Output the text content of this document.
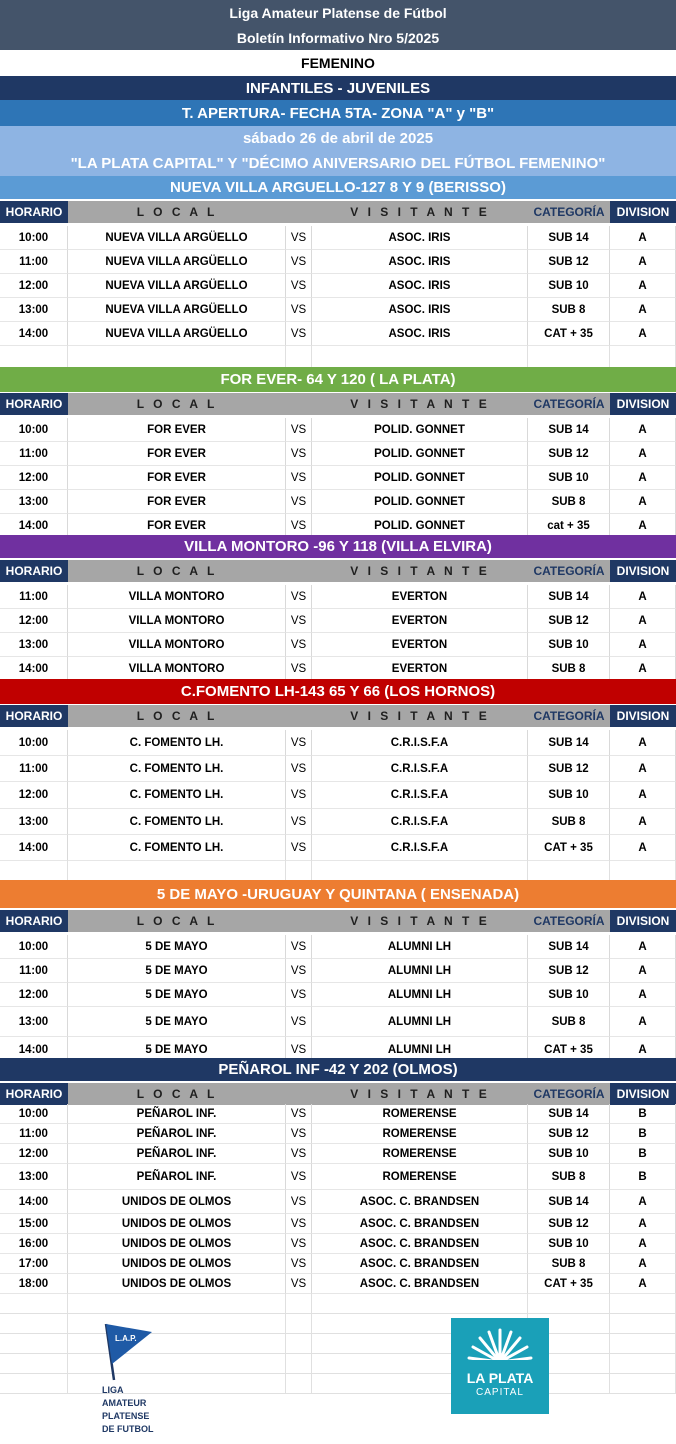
Liga Amateur Platense de Fútbol
Boletín Informativo Nro 5/2025
FEMENINO
INFANTILES - JUVENILES
T. APERTURA- FECHA 5TA- ZONA "A" y "B"
sábado 26 de abril de 2025
"LA PLATA CAPITAL" Y "DÉCIMO ANIVERSARIO DEL FÚTBOL FEMENINO"
NUEVA VILLA ARGUELLO-127 8 Y 9 (BERISSO)
HORARIO	L O C A L	V I S I T A N T E	CATEGORÍA	DIVISION
10:00	NUEVA VILLA ARGÜELLO	VS	ASOC. IRIS	SUB 14	A
11:00	NUEVA VILLA ARGÜELLO	VS	ASOC. IRIS	SUB 12	A
12:00	NUEVA VILLA ARGÜELLO	VS	ASOC. IRIS	SUB 10	A
13:00	NUEVA VILLA ARGÜELLO	VS	ASOC. IRIS	SUB 8	A
14:00	NUEVA VILLA ARGÜELLO	VS	ASOC. IRIS	CAT + 35	A
FOR EVER- 64 Y 120 ( LA PLATA)
HORARIO	L O C A L	V I S I T A N T E	CATEGORÍA	DIVISION
10:00	FOR EVER	VS	POLID. GONNET	SUB 14	A
11:00	FOR EVER	VS	POLID. GONNET	SUB 12	A
12:00	FOR EVER	VS	POLID. GONNET	SUB 10	A
13:00	FOR EVER	VS	POLID. GONNET	SUB 8	A
14:00	FOR EVER	VS	POLID. GONNET	cat + 35	A
VILLA MONTORO -96 Y 118 (VILLA ELVIRA)
HORARIO	L O C A L	V I S I T A N T E	CATEGORÍA	DIVISION
11:00	VILLA MONTORO	VS	EVERTON	SUB 14	A
12:00	VILLA MONTORO	VS	EVERTON	SUB 12	A
13:00	VILLA MONTORO	VS	EVERTON	SUB 10	A
14:00	VILLA MONTORO	VS	EVERTON	SUB 8	A
C.FOMENTO LH-143 65 Y 66 (LOS HORNOS)
HORARIO	L O C A L	V I S I T A N T E	CATEGORÍA	DIVISION
10:00	C. FOMENTO LH.	VS	C.R.I.S.F.A	SUB 14	A
11:00	C. FOMENTO LH.	VS	C.R.I.S.F.A	SUB 12	A
12:00	C. FOMENTO LH.	VS	C.R.I.S.F.A	SUB 10	A
13:00	C. FOMENTO LH.	VS	C.R.I.S.F.A	SUB 8	A
14:00	C. FOMENTO LH.	VS	C.R.I.S.F.A	CAT + 35	A
5 DE MAYO -URUGUAY Y QUINTANA ( ENSENADA)
HORARIO	L O C A L	V I S I T A N T E	CATEGORÍA	DIVISION
10:00	5 DE MAYO	VS	ALUMNI LH	SUB 14	A
11:00	5 DE MAYO	VS	ALUMNI LH	SUB 12	A
12:00	5 DE MAYO	VS	ALUMNI LH	SUB 10	A
13:00	5 DE MAYO	VS	ALUMNI LH	SUB 8	A
14:00	5 DE MAYO	VS	ALUMNI LH	CAT + 35	A
PEÑAROL INF -42 Y 202 (OLMOS)
HORARIO	L O C A L	V I S I T A N T E	CATEGORÍA	DIVISION
10:00	PEÑAROL INF.	VS	ROMERENSE	SUB 14	B
11:00	PEÑAROL INF.	VS	ROMERENSE	SUB 12	B
12:00	PEÑAROL INF.	VS	ROMERENSE	SUB 10	B
13:00	PEÑAROL INF.	VS	ROMERENSE	SUB 8	B
14:00	UNIDOS DE OLMOS	VS	ASOC. C. BRANDSEN	SUB 14	A
15:00	UNIDOS DE OLMOS	VS	ASOC. C. BRANDSEN	SUB 12	A
16:00	UNIDOS DE OLMOS	VS	ASOC. C. BRANDSEN	SUB 10	A
17:00	UNIDOS DE OLMOS	VS	ASOC. C. BRANDSEN	SUB 8	A
18:00	UNIDOS DE OLMOS	VS	ASOC. C. BRANDSEN	CAT + 35	A
L.A.P.
LIGA
AMATEUR
PLATENSE
DE FUTBOL
LA PLATA
CAPITAL
